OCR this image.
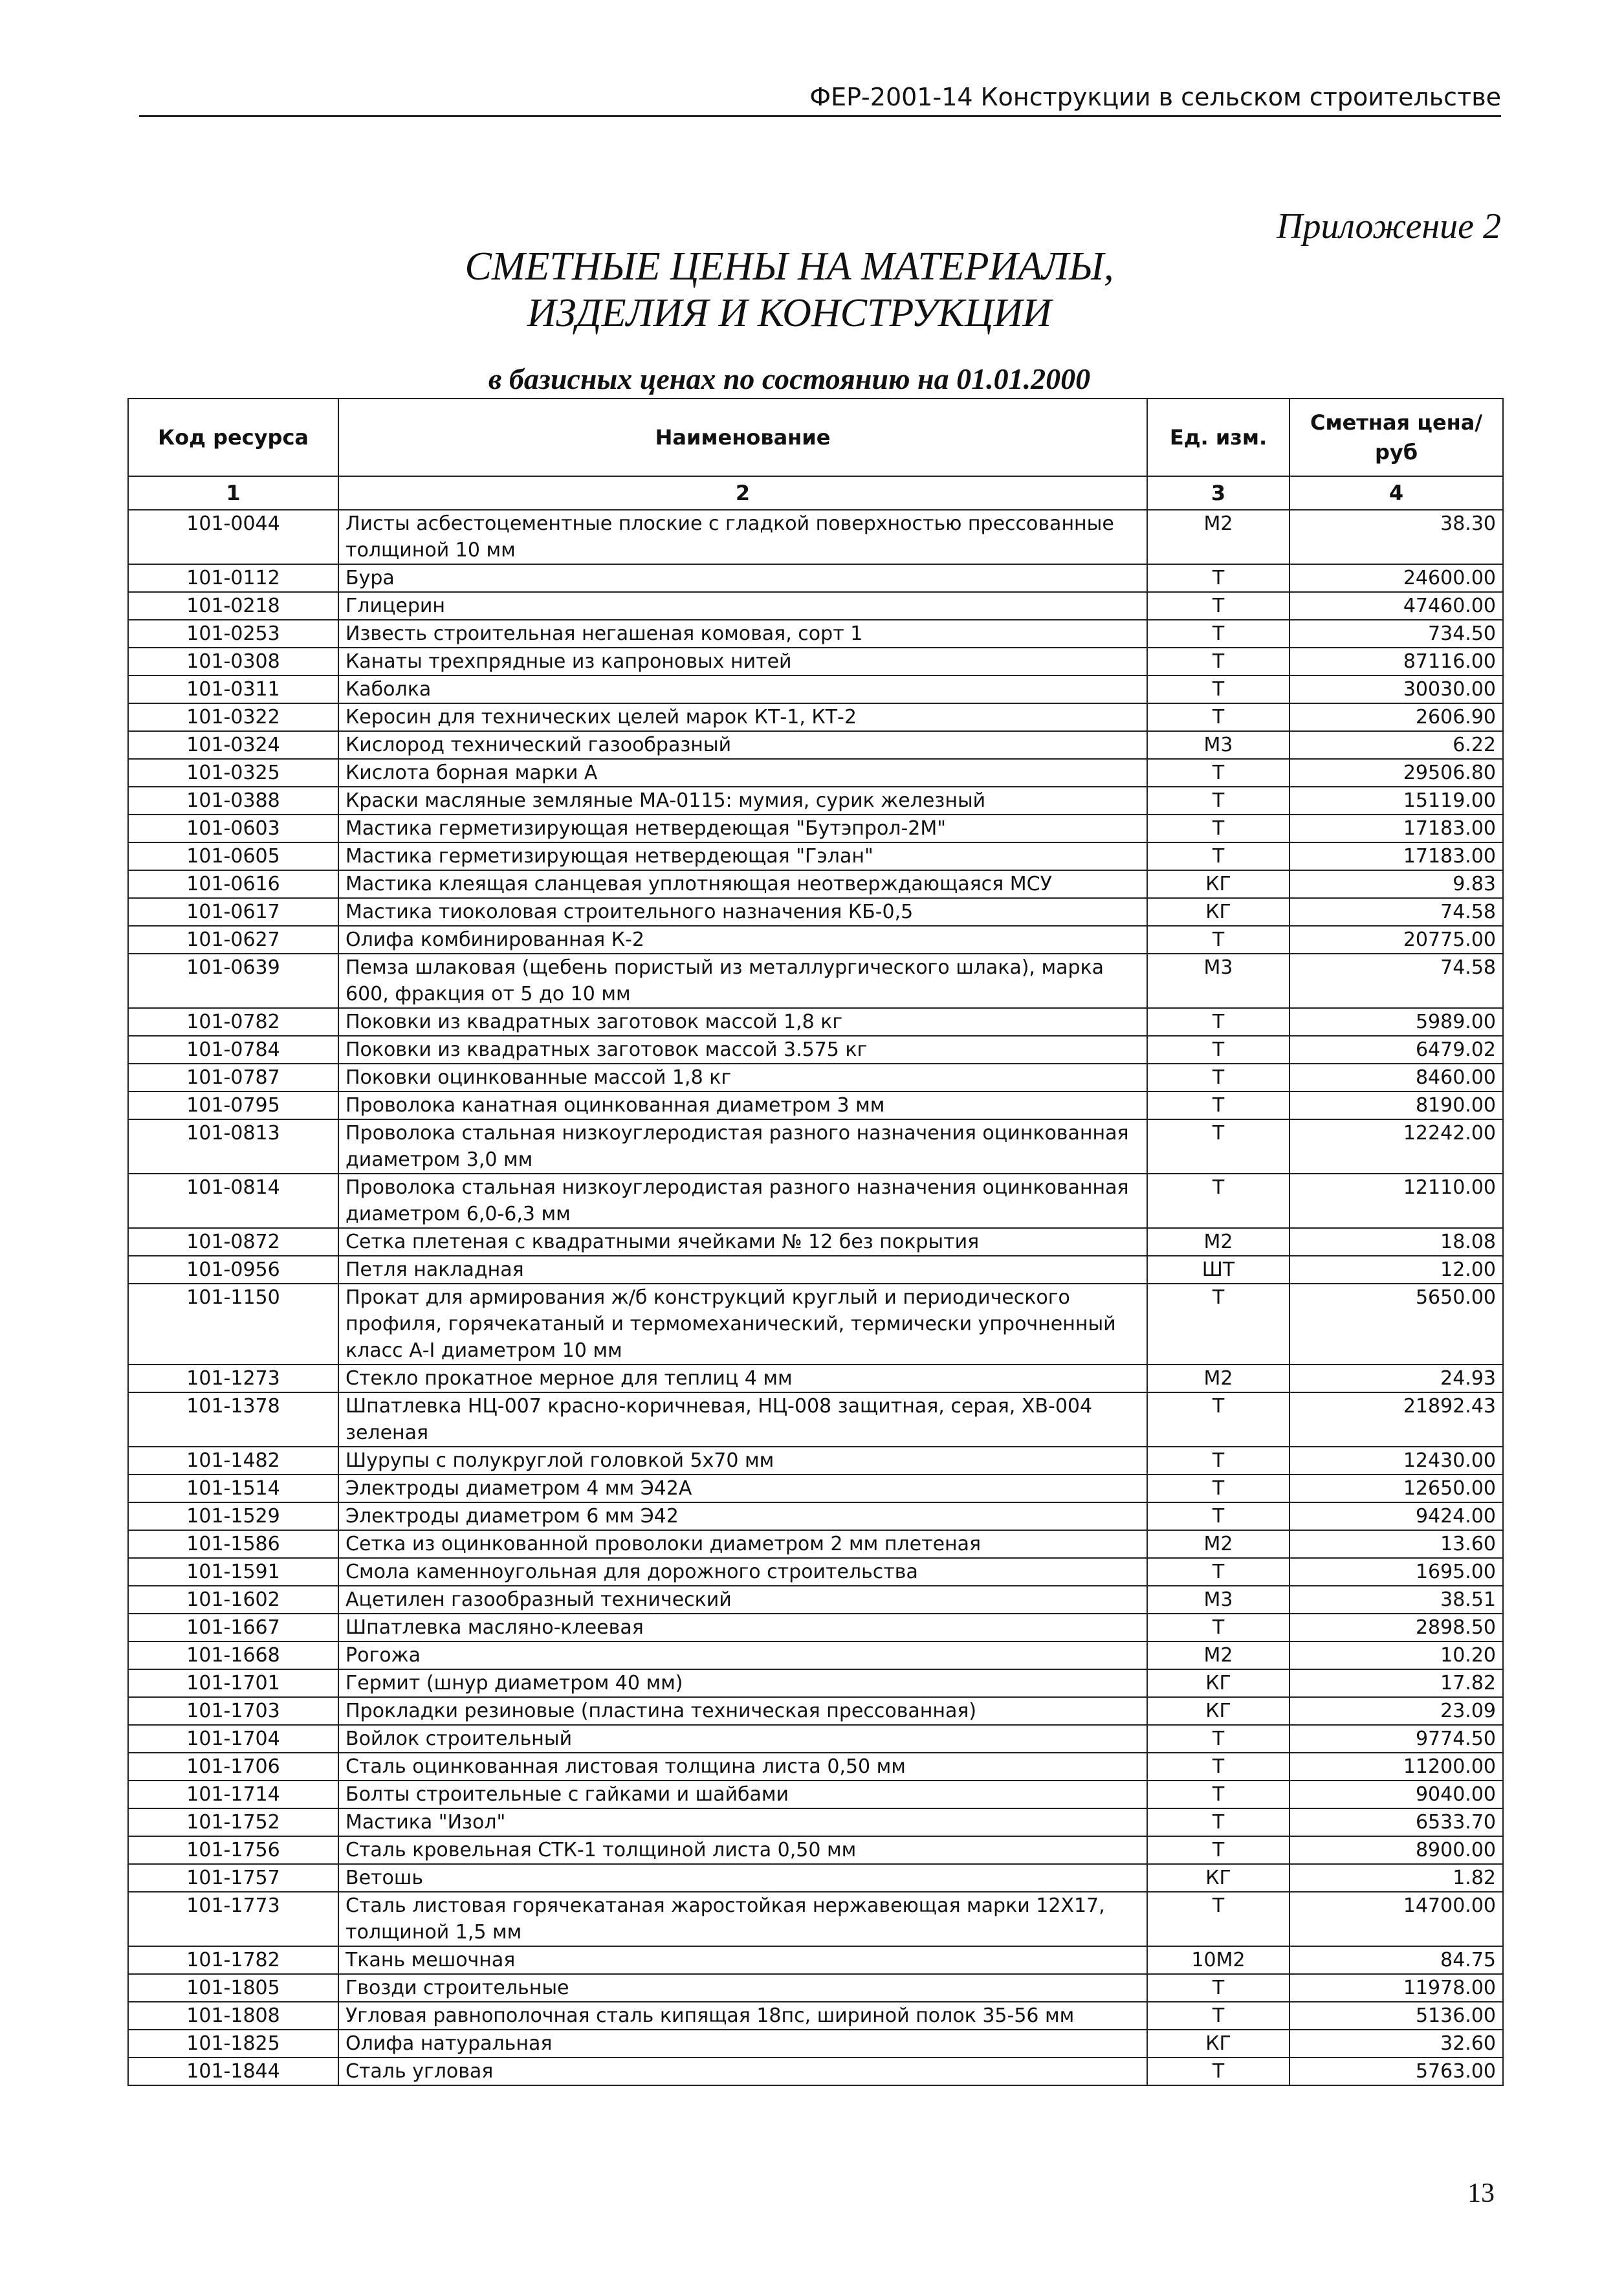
ФЕР-2001-14 Конструкции в сельском строительстве
Приложение 2
СМЕТНЫЕ ЦЕНЫ НА МАТЕРИАЛЫ,
ИЗДЕЛИЯ И КОНСТРУКЦИИ
в базисных ценах по состоянию на 01.01.2000
Код ресурса	Наименование	Ед. изм.	Сметная цена/руб
1	2	3	4
101-0044	Листы асбестоцементные плоские с гладкой поверхностью прессованные толщиной 10 мм	М2	38.30
101-0112	Бура	Т	24600.00
101-0218	Глицерин	Т	47460.00
101-0253	Известь строительная негашеная комовая, сорт 1	Т	734.50
101-0308	Канаты трехпрядные из капроновых нитей	Т	87116.00
101-0311	Каболка	Т	30030.00
101-0322	Керосин для технических целей марок КТ-1, КТ-2	Т	2606.90
101-0324	Кислород технический газообразный	М3	6.22
101-0325	Кислота борная марки А	Т	29506.80
101-0388	Краски масляные земляные МА-0115: мумия, сурик железный	Т	15119.00
101-0603	Мастика герметизирующая нетвердеющая "Бутэпрол-2М"	Т	17183.00
101-0605	Мастика герметизирующая нетвердеющая "Гэлан"	Т	17183.00
101-0616	Мастика клеящая сланцевая уплотняющая неотверждающаяся МСУ	КГ	9.83
101-0617	Мастика тиоколовая строительного назначения КБ-0,5	КГ	74.58
101-0627	Олифа комбинированная К-2	Т	20775.00
101-0639	Пемза шлаковая (щебень пористый из металлургического шлака), марка 600, фракция от 5 до 10 мм	М3	74.58
101-0782	Поковки из квадратных заготовок массой 1,8 кг	Т	5989.00
101-0784	Поковки из квадратных заготовок массой 3.575 кг	Т	6479.02
101-0787	Поковки оцинкованные массой 1,8 кг	Т	8460.00
101-0795	Проволока канатная оцинкованная диаметром 3 мм	Т	8190.00
101-0813	Проволока стальная низкоуглеродистая разного назначения оцинкованная диаметром 3,0 мм	Т	12242.00
101-0814	Проволока стальная низкоуглеродистая разного назначения оцинкованная диаметром 6,0-6,3 мм	Т	12110.00
101-0872	Сетка плетеная с квадратными ячейками № 12 без покрытия	М2	18.08
101-0956	Петля накладная	ШТ	12.00
101-1150	Прокат для армирования ж/б конструкций круглый и периодического профиля, горячекатаный и термомеханический, термически упрочненный класс А-I диаметром 10 мм	Т	5650.00
101-1273	Стекло прокатное мерное для теплиц 4 мм	М2	24.93
101-1378	Шпатлевка НЦ-007 красно-коричневая, НЦ-008 защитная, серая, ХВ-004 зеленая	Т	21892.43
101-1482	Шурупы с полукруглой головкой 5х70 мм	Т	12430.00
101-1514	Электроды диаметром 4 мм Э42А	Т	12650.00
101-1529	Электроды диаметром 6 мм Э42	Т	9424.00
101-1586	Сетка из оцинкованной проволоки диаметром 2 мм плетеная	М2	13.60
101-1591	Смола каменноугольная для дорожного строительства	Т	1695.00
101-1602	Ацетилен газообразный технический	М3	38.51
101-1667	Шпатлевка масляно-клеевая	Т	2898.50
101-1668	Рогожа	М2	10.20
101-1701	Гермит (шнур диаметром 40 мм)	КГ	17.82
101-1703	Прокладки резиновые (пластина техническая прессованная)	КГ	23.09
101-1704	Войлок строительный	Т	9774.50
101-1706	Сталь оцинкованная листовая толщина листа 0,50 мм	Т	11200.00
101-1714	Болты строительные с гайками и шайбами	Т	9040.00
101-1752	Мастика "Изол"	Т	6533.70
101-1756	Сталь кровельная СТК-1 толщиной листа 0,50 мм	Т	8900.00
101-1757	Ветошь	КГ	1.82
101-1773	Сталь листовая горячекатаная жаростойкая нержавеющая марки 12Х17, толщиной 1,5 мм	Т	14700.00
101-1782	Ткань мешочная	10М2	84.75
101-1805	Гвозди строительные	Т	11978.00
101-1808	Угловая равнополочная сталь кипящая 18пс, шириной полок 35-56 мм	Т	5136.00
101-1825	Олифа натуральная	КГ	32.60
101-1844	Сталь угловая	Т	5763.00
13
